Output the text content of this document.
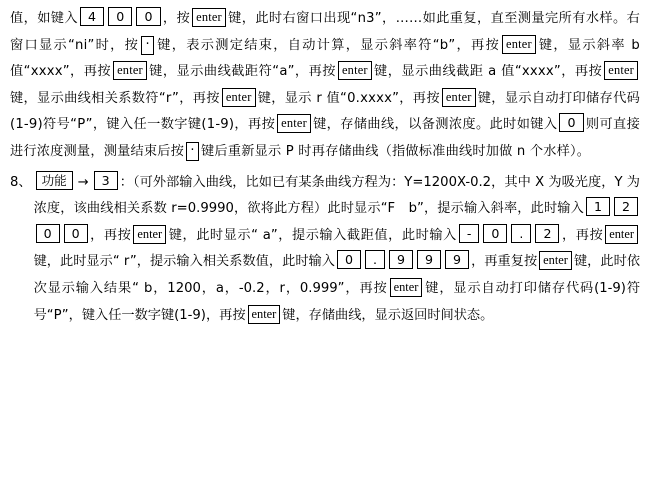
值，如键入 4 0 0 ，按 enter 键，此时右窗口出现“n3”，……如此重复，直至测量完所有水样。右窗口显示“ni”时，按 · 键，表示测定结束，自动计算，显示斜率符“b”，再按 enter 键，显示斜率 b 值“xxxx”，再按 enter 键，显示曲线截距符“a”，再按 enter 键，显示曲线截距 a 值“xxxx”，再按 enter键，显示曲线相关系数符“r”，再按 enter 键，显示 r 值“0.xxxx”，再按 enter 键，显示自动打印储存代码(1-9)符号“P”，键入任一数字键(1-9)，再按 enter 键，存储曲线，以备测浓度。此时如键入 0 则可直接进行浓度测量，测量结束后按 · 键后重新显示 P 时再存储曲线（指做标准曲线时加做 n 个水样）。

8、 功能 → 3 ：（可外部输入曲线，比如已有某条曲线方程为：Y=1200X-0.2，其中 X 为吸光度，Y 为浓度，该曲线相关系数 r=0.9990，欲将此方程）此时显示“F　b”，提示输入斜率，此时输入 1 20 0 ，再按 enter 键，此时显示“ a”，提示输入截距值，此时输入 - 0 . 2 ，再按 enter键，此时显示“ r”，提示输入相关系数值，此时输入 0 . 9 9 9 ，再重复按 enter 键，此时依次显示输入结果“ b，1200，a，-0.2，r，0.999”，再按 enter 键，显示自动打印储存代码(1-9)符号“P”，键入任一数字键(1-9)，再按 enter 键，存储曲线，显示返回时间状态。
